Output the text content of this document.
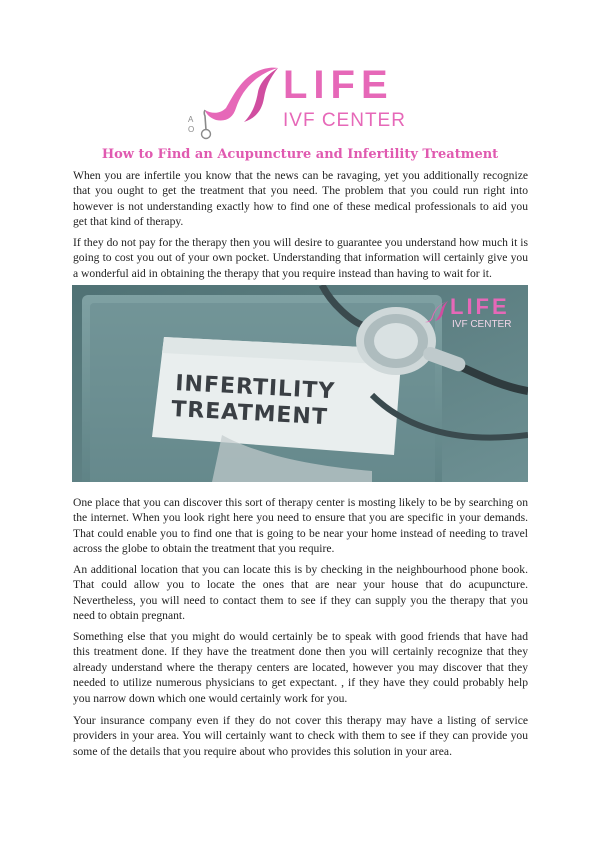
A
O
LIFE
IVF CENTER
How to Find an Acupuncture and Infertility Treatment

When you are infertile you know that the news can be ravaging, yet you additionally recognize that you ought to get the treatment that you need. The problem that you could run right into however is not understanding exactly how to find one of these medical professionals to aid you get that kind of therapy.

If they do not pay for the therapy then you will desire to guarantee you understand how much it is going to cost you out of your own pocket. Understanding that information will certainly give you a wonderful aid in obtaining the therapy that you require instead than having to wait for it.

INFERTILITY
TREATMENT
LIFE
IVF CENTER

One place that you can discover this sort of therapy center is mosting likely to be by searching on the internet. When you look right here you need to ensure that you are specific in your demands. That could enable you to find one that is going to be near your home instead of needing to travel across the globe to obtain the treatment that you require.

An additional location that you can locate this is by checking in the neighbourhood phone book. That could allow you to locate the ones that are near your house that do acupuncture. Nevertheless, you will need to contact them to see if they can supply you the therapy that you need to obtain pregnant.

Something else that you might do would certainly be to speak with good friends that have had this treatment done. If they have the treatment done then you will certainly recognize that they already understand where the therapy centers are located, however you may discover that they needed to utilize numerous physicians to get expectant. , if they have they could probably help you narrow down which one would certainly work for you.

Your insurance company even if they do not cover this therapy may have a listing of service providers in your area. You will certainly want to check with them to see if they can provide you some of the details that you require about who provides this solution in your area.
